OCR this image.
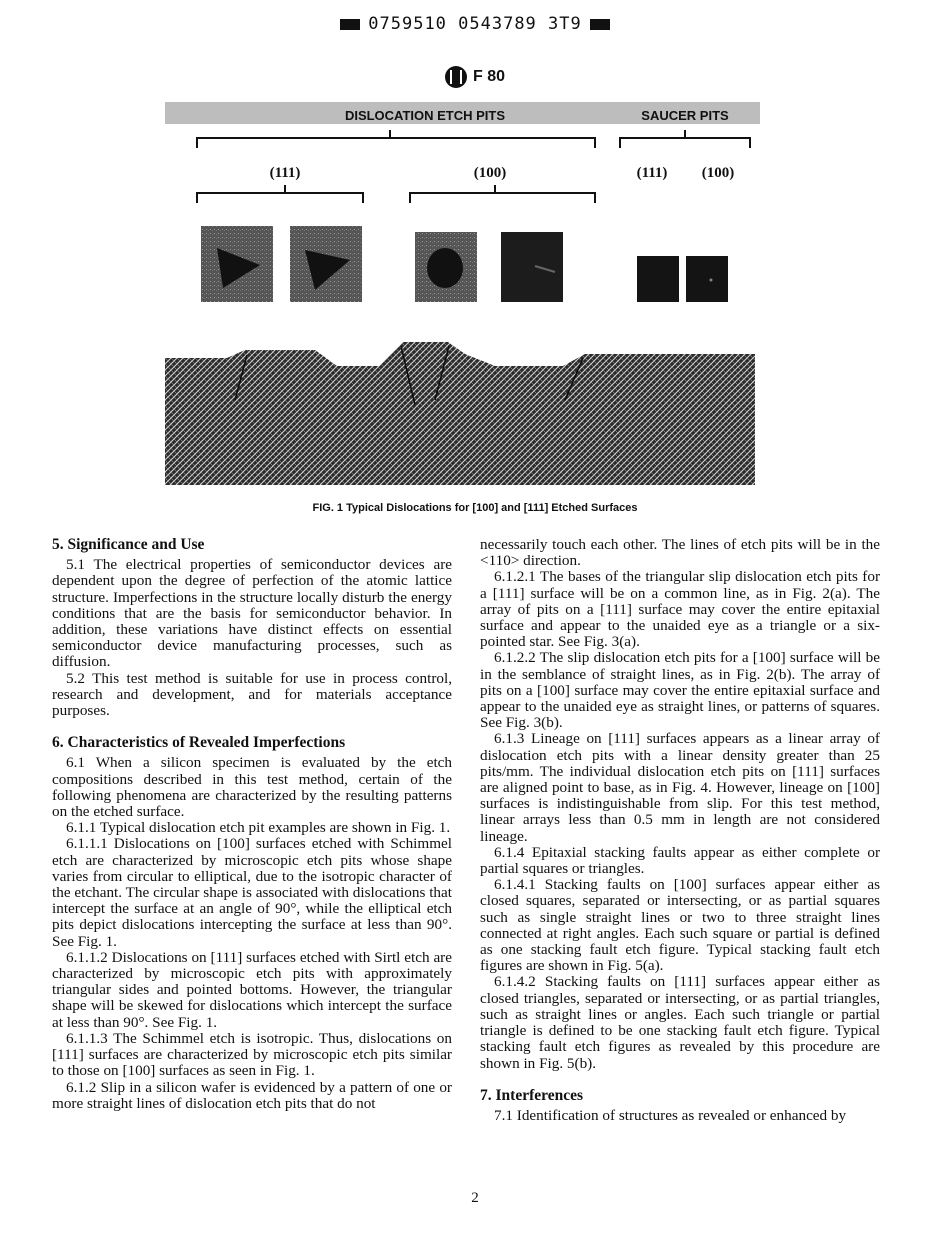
0759510 0543789 3T9
F 80
DISLOCATION ETCH PITS	SAUCER PITS
(111)	(100)	(111) (100)
FIG. 1 Typical Dislocations for [100] and [111] Etched Surfaces
5. Significance and Use

5.1 The electrical properties of semiconductor devices are dependent upon the degree of perfection of the atomic lattice structure. Imperfections in the structure locally disturb the energy conditions that are the basis for semiconductor behavior. In addition, these variations have distinct effects on essential semiconductor device manufacturing processes, such as diffusion.

5.2 This test method is suitable for use in process control, research and development, and for materials acceptance purposes.

6. Characteristics of Revealed Imperfections

6.1 When a silicon specimen is evaluated by the etch compositions described in this test method, certain of the following phenomena are characterized by the resulting patterns on the etched surface.

6.1.1 Typical dislocation etch pit examples are shown in Fig. 1.

6.1.1.1 Dislocations on [100] surfaces etched with Schimmel etch are characterized by microscopic etch pits whose shape varies from circular to elliptical, due to the isotropic character of the etchant. The circular shape is associated with dislocations that intercept the surface at an angle of 90°, while the elliptical etch pits depict dislocations intercepting the surface at less than 90°. See Fig. 1.

6.1.1.2 Dislocations on [111] surfaces etched with Sirtl etch are characterized by microscopic etch pits with approximately triangular sides and pointed bottoms. However, the triangular shape will be skewed for dislocations which intercept the surface at less than 90°. See Fig. 1.

6.1.1.3 The Schimmel etch is isotropic. Thus, dislocations on [111] surfaces are characterized by microscopic etch pits similar to those on [100] surfaces as seen in Fig. 1.

6.1.2 Slip in a silicon wafer is evidenced by a pattern of one or more straight lines of dislocation etch pits that do not

necessarily touch each other. The lines of etch pits will be in the <110> direction.

6.1.2.1 The bases of the triangular slip dislocation etch pits for a [111] surface will be on a common line, as in Fig. 2(a). The array of pits on a [111] surface may cover the entire epitaxial surface and appear to the unaided eye as a triangle or a six-pointed star. See Fig. 3(a).

6.1.2.2 The slip dislocation etch pits for a [100] surface will be in the semblance of straight lines, as in Fig. 2(b). The array of pits on a [100] surface may cover the entire epitaxial surface and appear to the unaided eye as straight lines, or patterns of squares. See Fig. 3(b).

6.1.3 Lineage on [111] surfaces appears as a linear array of dislocation etch pits with a linear density greater than 25 pits/mm. The individual dislocation etch pits on [111] surfaces are aligned point to base, as in Fig. 4. However, lineage on [100] surfaces is indistinguishable from slip. For this test method, linear arrays less than 0.5 mm in length are not considered lineage.

6.1.4 Epitaxial stacking faults appear as either complete or partial squares or triangles.

6.1.4.1 Stacking faults on [100] surfaces appear either as closed squares, separated or intersecting, or as partial squares such as single straight lines or two to three straight lines connected at right angles. Each such square or partial is defined as one stacking fault etch figure. Typical stacking fault etch figures are shown in Fig. 5(a).

6.1.4.2 Stacking faults on [111] surfaces appear either as closed triangles, separated or intersecting, or as partial triangles, such as straight lines or angles. Each such triangle or partial triangle is defined to be one stacking fault etch figure. Typical stacking fault etch figures as revealed by this procedure are shown in Fig. 5(b).

7. Interferences

7.1 Identification of structures as revealed or enhanced by

2
